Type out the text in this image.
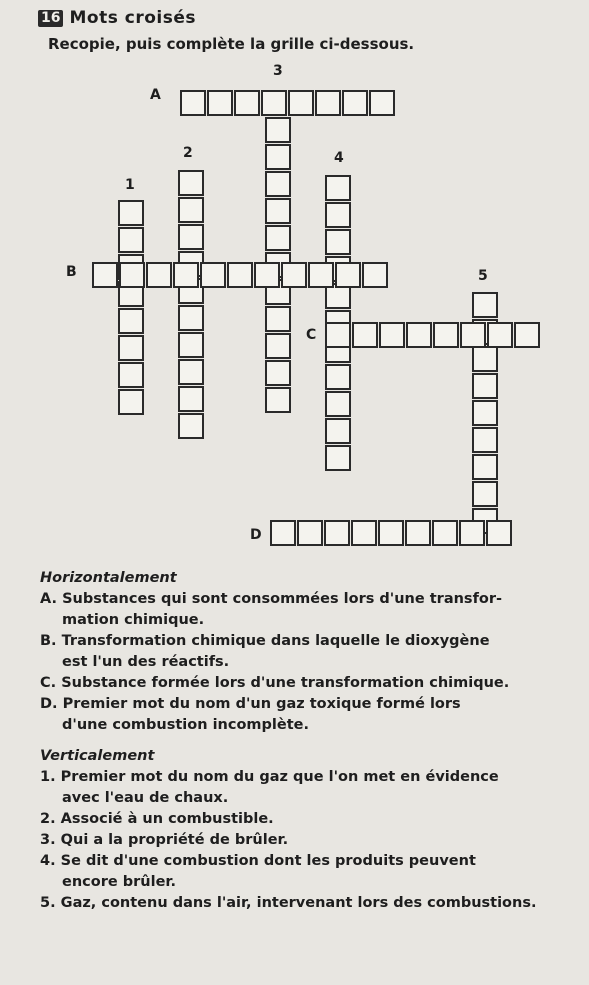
16 Mots croisés
Recopie, puis complète la grille ci-dessous.
A
B
C
D
1
2
3
4
5

Horizontalement

A. Substances qui sont consommées lors d'une transfor-
mation chimique.

B. Transformation chimique dans laquelle le dioxygène
est l'un des réactifs.

C. Substance formée lors d'une transformation chimique.

D. Premier mot du nom d'un gaz toxique formé lors
d'une combustion incomplète.

Verticalement

1. Premier mot du nom du gaz que l'on met en évidence
avec l'eau de chaux.

2. Associé à un combustible.

3. Qui a la propriété de brûler.

4. Se dit d'une combustion dont les produits peuvent
encore brûler.

5. Gaz, contenu dans l'air, intervenant lors des combustions.
